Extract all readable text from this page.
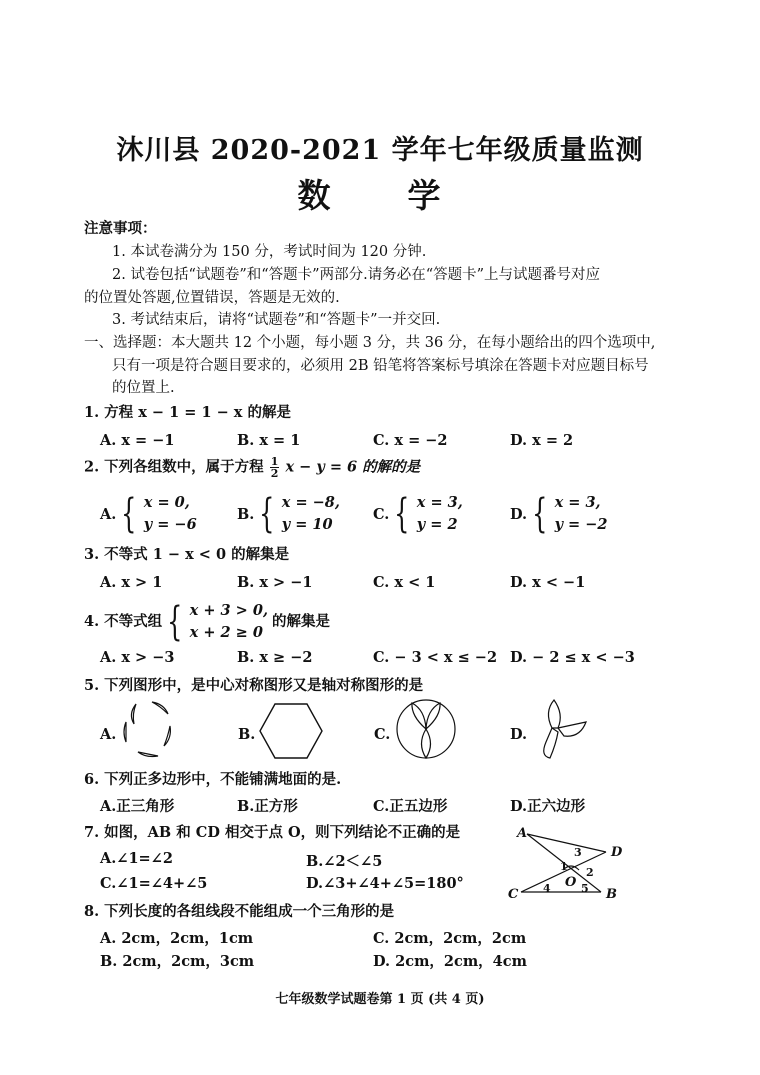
沐川县 2020-2021 学年七年级质量监测
数　学
注意事项：
1. 本试卷满分为 150 分，考试时间为 120 分钟.
2. 试卷包括“试题卷”和“答题卡”两部分.请务必在“答题卡”上与试题番号对应
的位置处答题,位置错误，答题是无效的.
3. 考试结束后，请将“试题卷”和“答题卡”一并交回.
一、选择题：本大题共 12 个小题，每小题 3 分，共 36 分，在每小题给出的四个选项中,
只有一项是符合题目要求的，必须用 2B 铅笔将答案标号填涂在答题卡对应题目标号
的位置上.
1. 方程 x − 1 = 1 − x 的解是
A. x = −1	B. x = 1	C. x = −2	D. x = 2
2. 下列各组数中，属于方程 $\frac{1}{2}$ x − y = 6 的解的是
A. { x = 0,
y = −6
B. { x = −8,
y = 10
C. { x = 3,
y = 2
D. { x = 3,
y = −2
3. 不等式 1 − x < 0 的解集是
A. x > 1	B. x > −1	C. x < 1	D. x < −1
4. 不等式组 { x + 3 > 0,
x + 2 ≥ 0
的解集是
A. x > −3	B. x ≥ −2	C. − 3 < x ≤ −2 D. − 2 ≤ x < −3
5. 下列图形中，是中心对称图形又是轴对称图形的是
A.	B.	C.	D.
6. 下列正多边形中，不能铺满地面的是.
A.正三角形	B.正方形	C.正五边形	D.正六边形
7. 如图，AB 和 CD 相交于点 O，则下列结论不正确的是
A.∠1=∠2	B.∠2＜∠5
C.∠1=∠4+∠5	D.∠3+∠4+∠5=180°
A
D
C	B
O
1 2
3
4	5
8. 下列长度的各组线段不能组成一个三角形的是
A. 2cm，2cm，1cm	C. 2cm，2cm，2cm
B. 2cm，2cm，3cm	D. 2cm，2cm，4cm
七年级数学试题卷第 1 页 (共 4 页)
